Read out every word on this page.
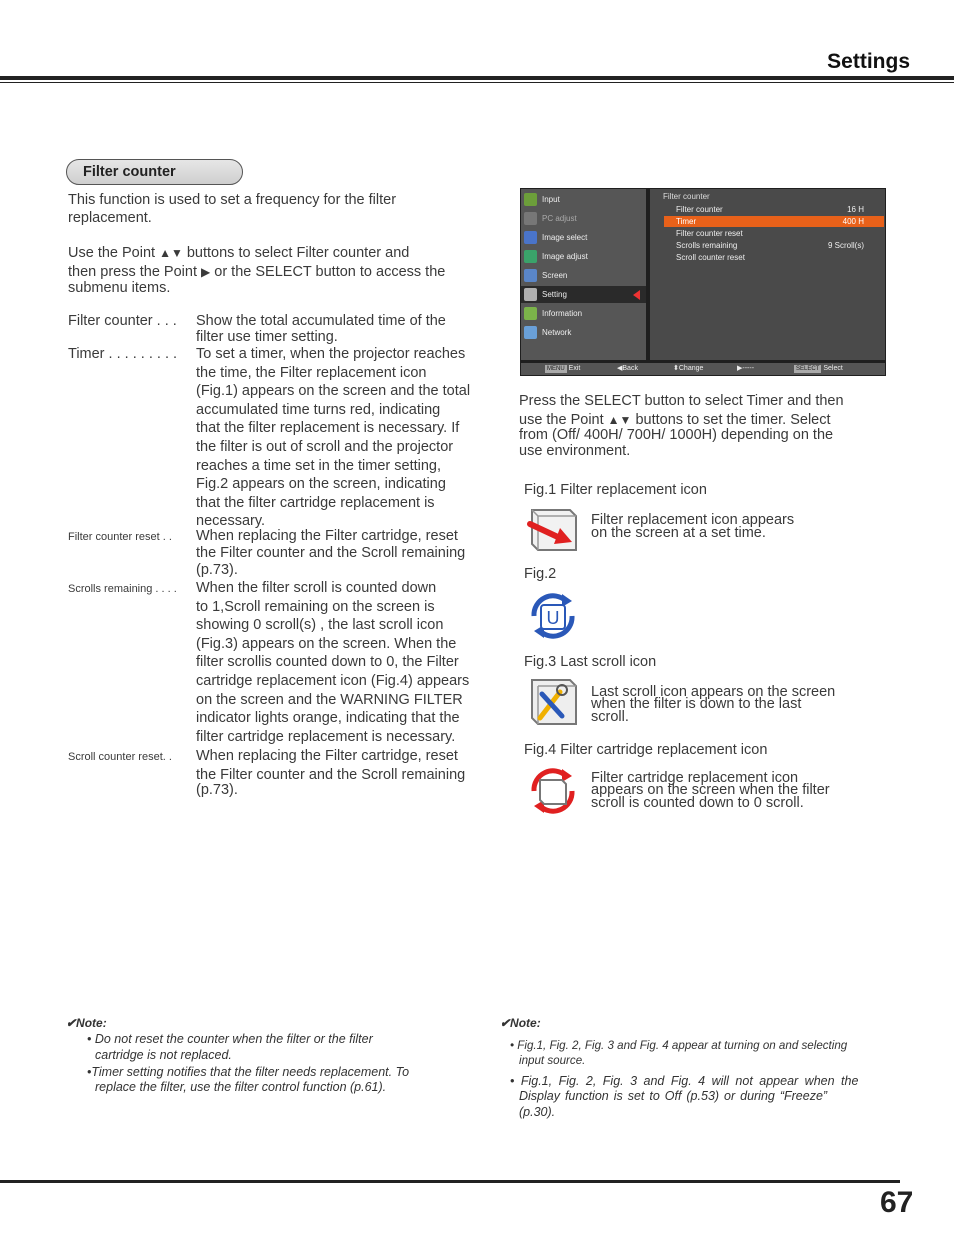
Settings
Filter counter
This function is used to set a frequency for the filter
replacement.
Use the Point ▲▼ buttons to select Filter counter and
then press the Point ▶ or the SELECT button to access the
submenu items.
Filter counter . . . Show the total accumulated time of the
filter use timer setting.
Timer . . . . . . . . . To set a timer, when the projector reaches
the time, the Filter replacement icon
(Fig.1) appears on the screen and the total
accumulated time turns red, indicating
that the filter replacement is necessary. If
the filter is out of scroll and the projector
reaches a time set in the timer setting,
Fig.2 appears on the screen, indicating
that the filter cartridge replacement is
necessary.
Filter counter reset . . When replacing the Filter cartridge, reset
the Filter counter and the Scroll remaining
(p.73).
Scrolls remaining . . . . When the filter scroll is counted down
to 1,Scroll remaining on the screen is
showing 0 scroll(s) , the last scroll icon
(Fig.3) appears on the screen. When the
filter scrollis counted down to 0, the Filter
cartridge replacement icon (Fig.4) appears
on the screen and the WARNING FILTER
indicator lights orange, indicating that the
filter cartridge replacement is necessary.
Scroll counter reset. . When replacing the Filter cartridge, reset
the Filter counter and the Scroll remaining
(p.73).
Input
PC adjust
Image select
Image adjust
Screen
Setting
Information
Network
Filter counter
Filter counter	16 H
Timer	400 H
Filter counter reset
Scrolls remaining	9 Scroll(s)
Scroll counter reset
MENU Exit	◀Back	⬍Change	▶-----	SELECT Select
Press the SELECT button to select Timer and then
use the Point ▲▼ buttons to set the timer. Select
from (Off/ 400H/ 700H/ 1000H) depending on the
use environment.
Fig.1 Filter replacement icon
Filter replacement icon appears
on the screen at a set time.
Fig.2
U
Fig.3 Last scroll icon
Last scroll icon appears on the screen
when the filter is down to the last
scroll.
Fig.4 Filter cartridge replacement icon
Filter cartridge replacement icon
appears on the screen when the filter
scroll is counted down to 0 scroll.
✔Note:
• Do not reset the counter when the filter or the filter
cartridge is not replaced.
•Timer setting notifies that the filter needs replacement. To
replace the filter, use the filter control function (p.61).
✔Note:
• Fig.1, Fig. 2, Fig. 3 and Fig. 4 appear at turning on and selecting
input source.
• Fig.1, Fig. 2, Fig. 3 and Fig. 4 will not appear when the
Display function is set to Off (p.53) or during “Freeze”
(p.30).
67
